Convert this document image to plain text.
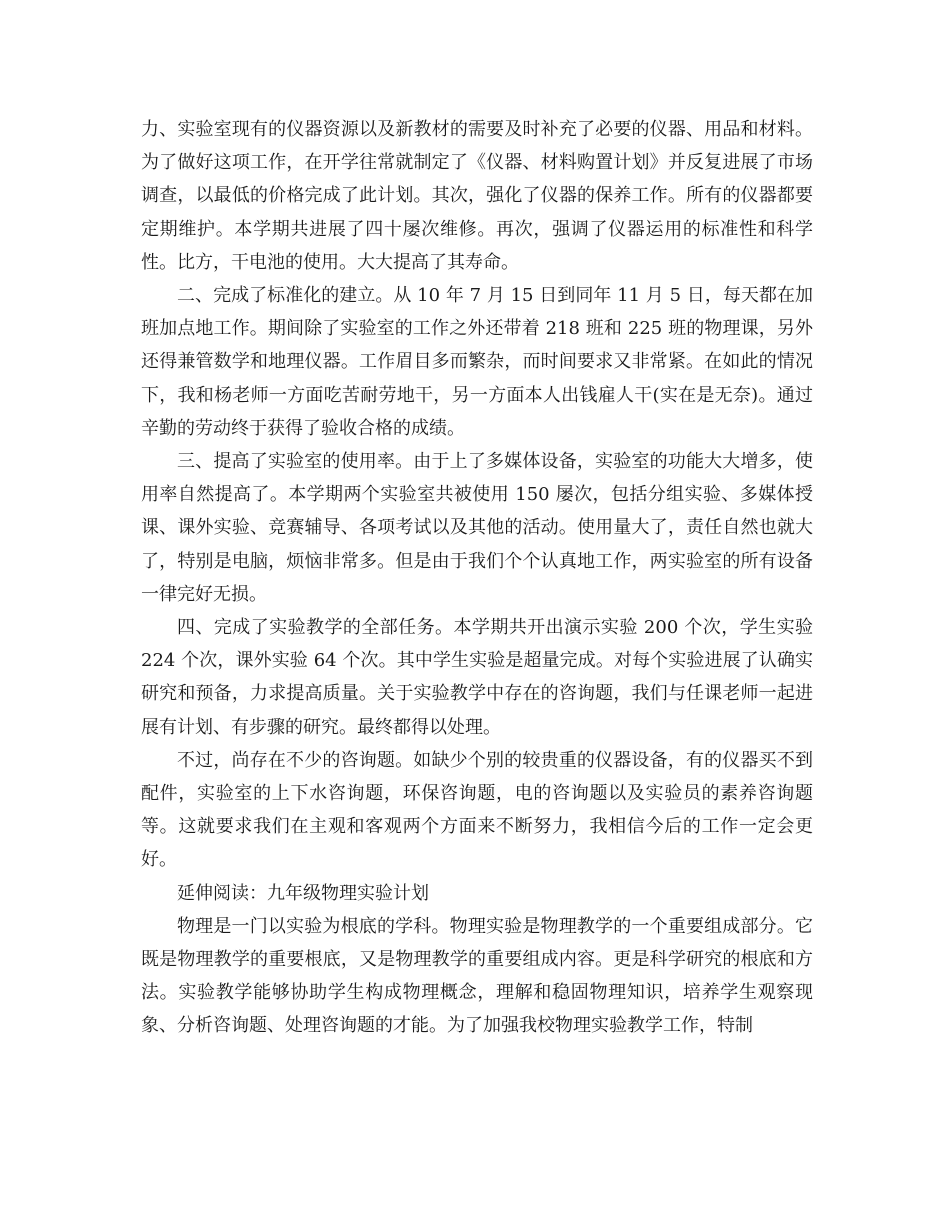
力、实验室现有的仪器资源以及新教材的需要及时补充了必要的仪器、用品和材料。为了做好这项工作，在开学往常就制定了《仪器、材料购置计划》并反复进展了市场调查，以最低的价格完成了此计划。其次，强化了仪器的保养工作。所有的仪器都要定期维护。本学期共进展了四十屡次维修。再次，强调了仪器运用的标准性和科学性。比方，干电池的使用。大大提高了其寿命。

二、完成了标准化的建立。从 10 年 7 月 15 日到同年 11 月 5 日，每天都在加班加点地工作。期间除了实验室的工作之外还带着 218 班和 225 班的物理课，另外还得兼管数学和地理仪器。工作眉目多而繁杂，而时间要求又非常紧。在如此的情况下，我和杨老师一方面吃苦耐劳地干，另一方面本人出钱雇人干(实在是无奈)。通过辛勤的劳动终于获得了验收合格的成绩。

三、提高了实验室的使用率。由于上了多媒体设备，实验室的功能大大增多，使用率自然提高了。本学期两个实验室共被使用 150 屡次，包括分组实验、多媒体授课、课外实验、竞赛辅导、各项考试以及其他的活动。使用量大了，责任自然也就大了，特别是电脑，烦恼非常多。但是由于我们个个认真地工作，两实验室的所有设备一律完好无损。

四、完成了实验教学的全部任务。本学期共开出演示实验 200 个次，学生实验 224 个次，课外实验 64 个次。其中学生实验是超量完成。对每个实验进展了认确实研究和预备，力求提高质量。关于实验教学中存在的咨询题，我们与任课老师一起进展有计划、有步骤的研究。最终都得以处理。

不过，尚存在不少的咨询题。如缺少个别的较贵重的仪器设备，有的仪器买不到配件，实验室的上下水咨询题，环保咨询题，电的咨询题以及实验员的素养咨询题等。这就要求我们在主观和客观两个方面来不断努力，我相信今后的工作一定会更好。

延伸阅读：九年级物理实验计划

物理是一门以实验为根底的学科。物理实验是物理教学的一个重要组成部分。它既是物理教学的重要根底，又是物理教学的重要组成内容。更是科学研究的根底和方法。实验教学能够协助学生构成物理概念，理解和稳固物理知识，培养学生观察现象、分析咨询题、处理咨询题的才能。为了加强我校物理实验教学工作，特制
